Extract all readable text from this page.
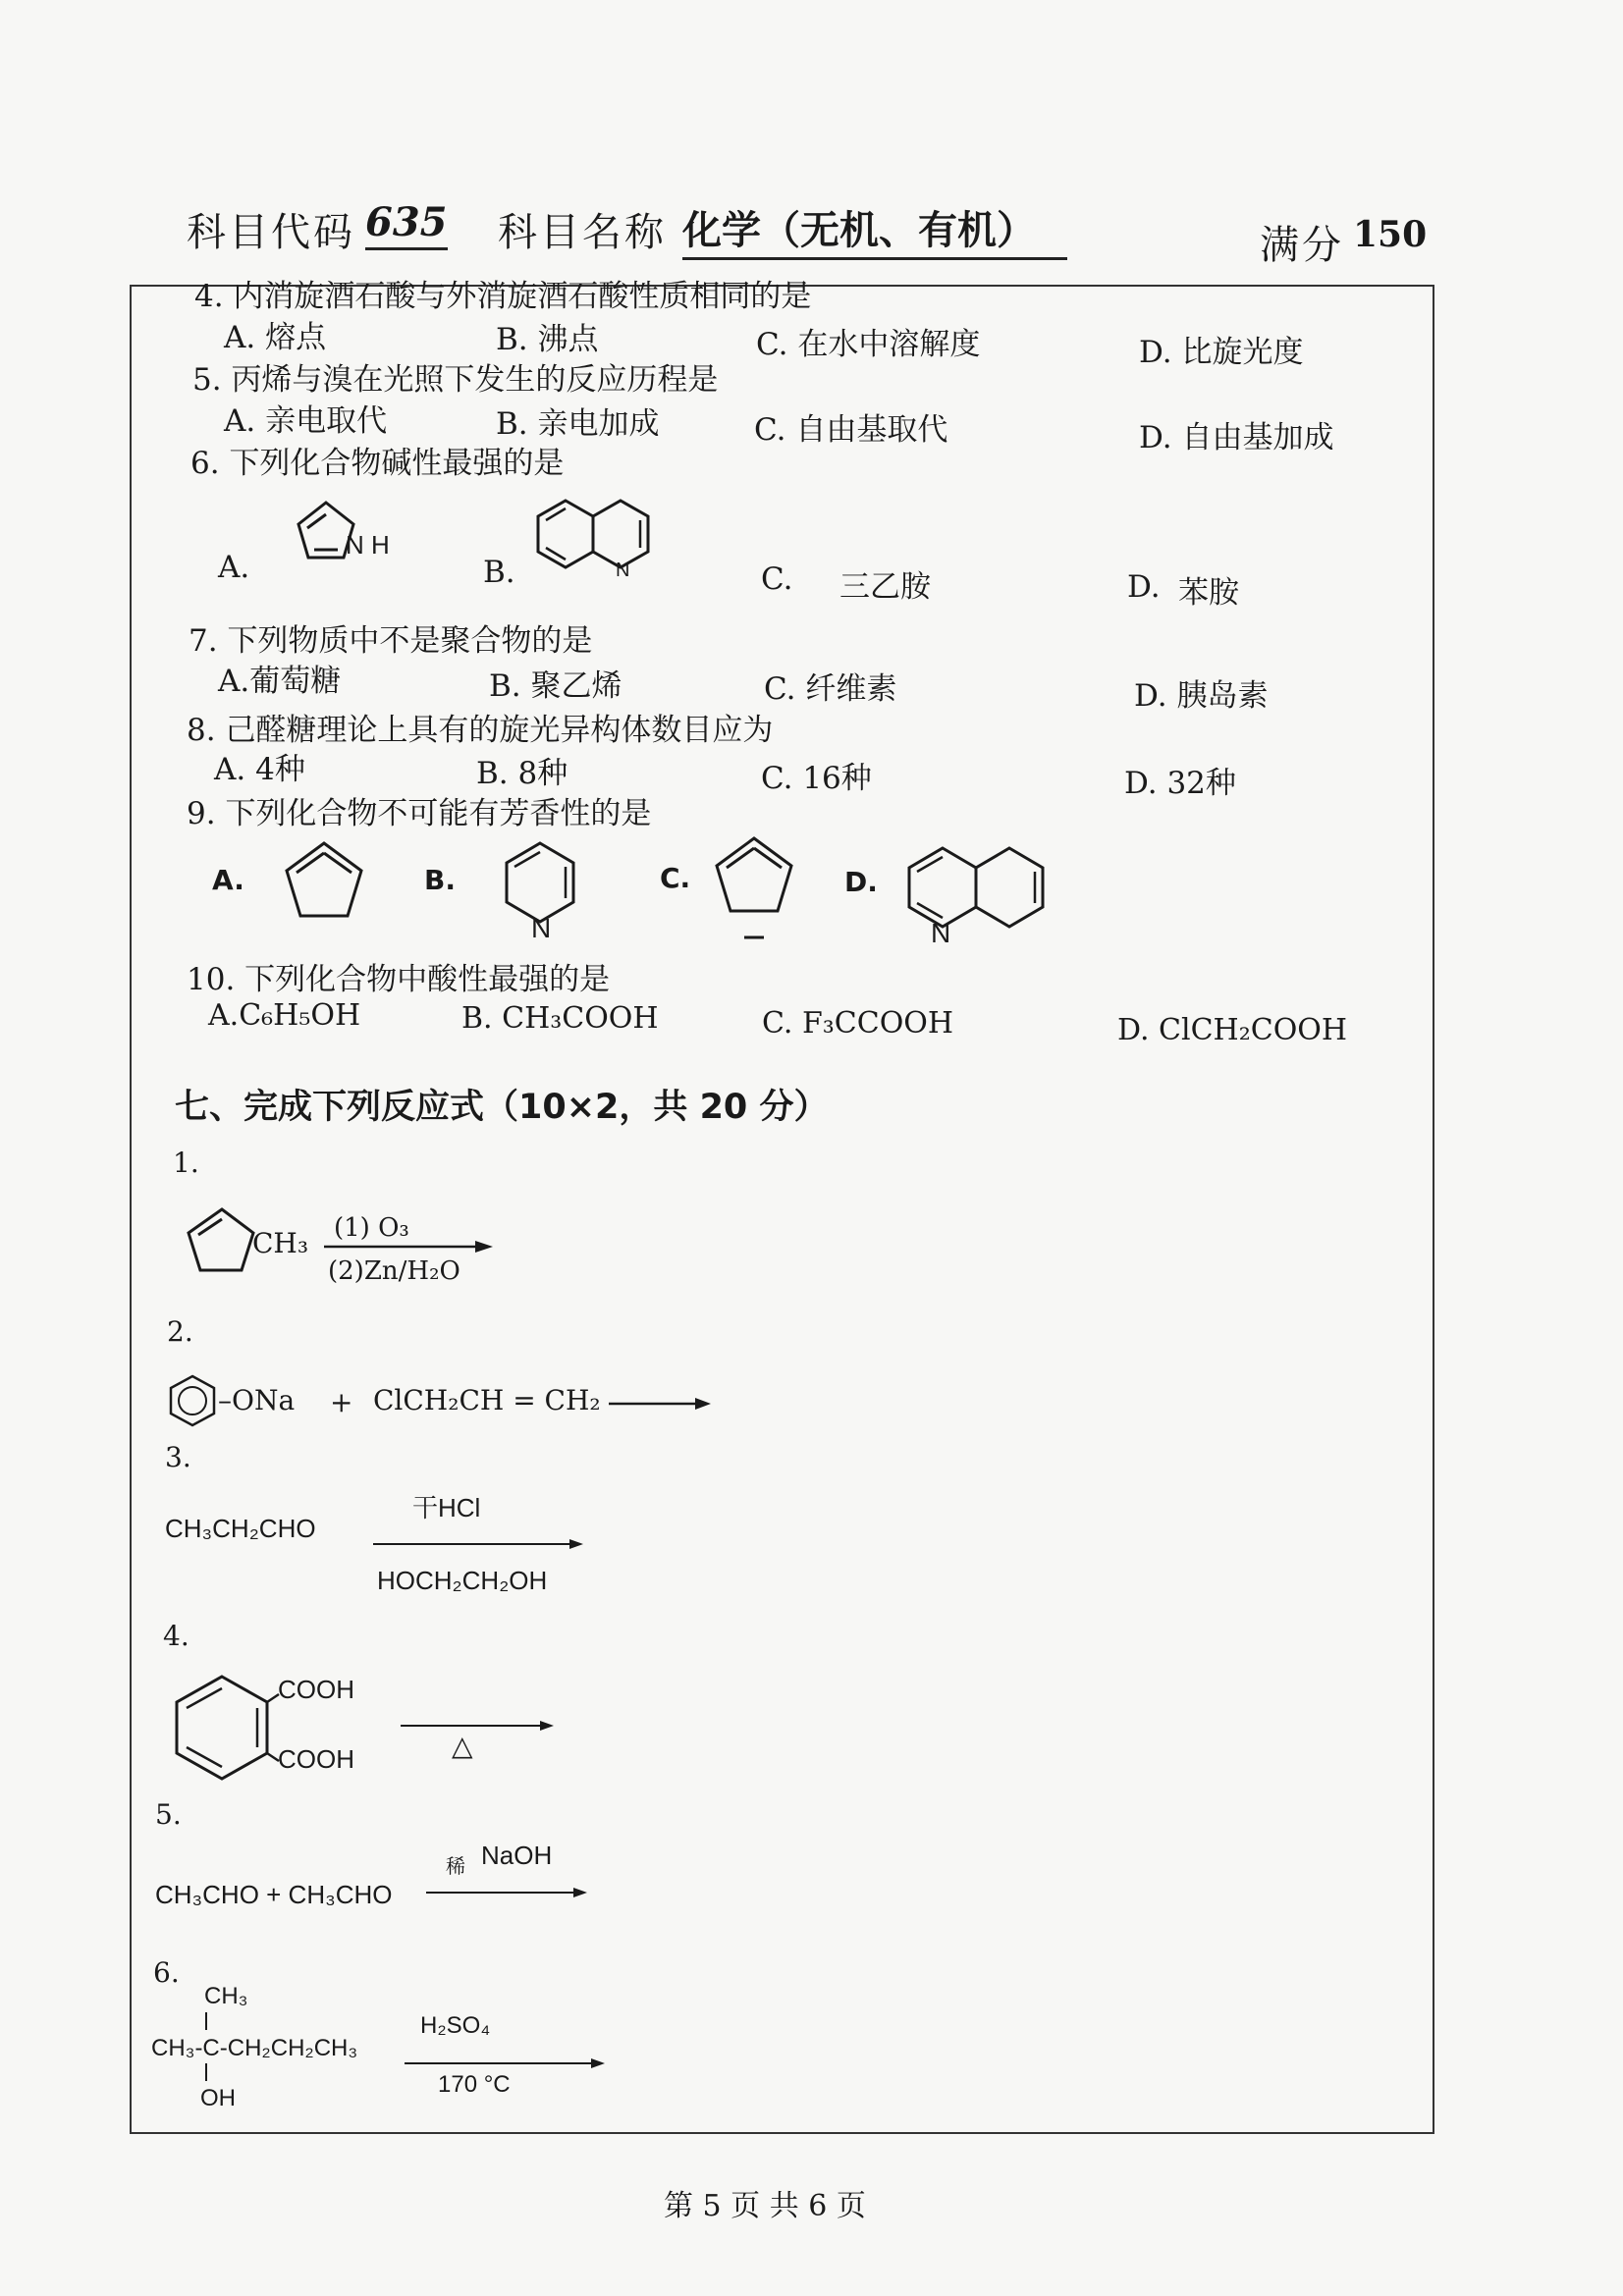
科目代码 635 科目名称 化学（无机、有机）	满分 150
4. 内消旋酒石酸与外消旋酒石酸性质相同的是
A. 熔点	B. 沸点	C. 在水中溶解度	D. 比旋光度
5. 丙烯与溴在光照下发生的反应历程是
A. 亲电取代	B. 亲电加成	C. 自由基取代	D. 自由基加成
6. 下列化合物碱性最强的是
A.
N H
B.	N	C. 三乙胺	D. 苯胺
7. 下列物质中不是聚合物的是
A.葡萄糖	B. 聚乙烯	C. 纤维素	D. 胰岛素
8. 己醛糖理论上具有的旋光异构体数目应为
A. 4种	B. 8种	C. 16种	D. 32种
9. 下列化合物不可能有芳香性的是
A.	B.
N
C.	D.
N
10. 下列化合物中酸性最强的是
A.C₆H₅OH	B. CH₃COOH	C. F₃CCOOH	D. ClCH₂COOH
七、完成下列反应式（10×2，共 20 分）
1.
CH₃ (1) O₃
(2)Zn/H₂O
2.
–ONa + ClCH₂CH = CH₂
3.
CH₃CH₂CHO
干HCl
HOCH₂CH₂OH
4.
COOH
COOH	△
5.
CH₃CHO + CH₃CHO
稀 NaOH
6.
CH₃
CH₃-C-CH₂CH₂CH₃
OH
H₂SO₄
170 °C
第 5 页 共 6 页
